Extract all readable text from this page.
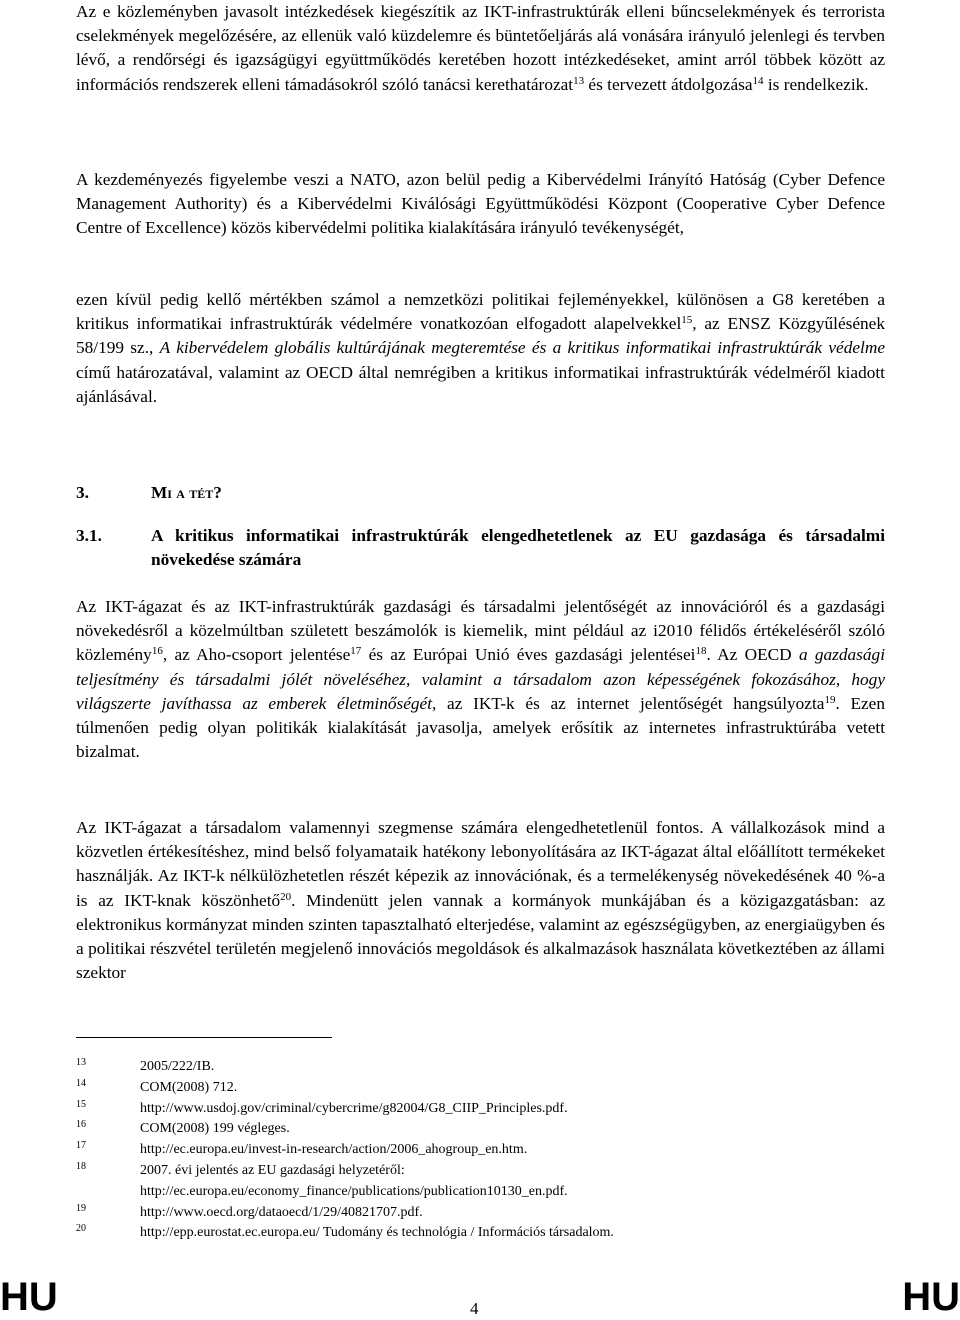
Az e közleményben javasolt intézkedések kiegészítik az IKT-infrastruktúrák elleni bűncselekmények és terrorista cselekmények megelőzésére, az ellenük való küzdelemre és büntetőeljárás alá vonására irányuló jelenlegi és tervben lévő, a rendőrségi és igazságügyi együttműködés keretében hozott intézkedéseket, amint arról többek között az információs rendszerek elleni támadásokról szóló tanácsi kerethatározat$^{13}$ és tervezett átdolgozása$^{14}$ is rendelkezik.

A kezdeményezés figyelembe veszi a NATO, azon belül pedig a Kibervédelmi Irányító Hatóság (Cyber Defence Management Authority) és a Kibervédelmi Kiválósági Együttműködési Központ (Cooperative Cyber Defence Centre of Excellence) közös kibervédelmi politika kialakítására irányuló tevékenységét,

ezen kívül pedig kellő mértékben számol a nemzetközi politikai fejleményekkel, különösen a G8 keretében a kritikus informatikai infrastruktúrák védelmére vonatkozóan elfogadott alapelvekkel$^{15}$, az ENSZ Közgyűlésének 58/199 sz., A kibervédelem globális kultúrájának megteremtése és a kritikus informatikai infrastruktúrák védelme című határozatával, valamint az OECD által nemrégiben a kritikus informatikai infrastruktúrák védelméről kiadott ajánlásával.

3.	Mi a tét?
3.1.	A kritikus informatikai infrastruktúrák elengedhetetlenek az EU gazdasága és társadalmi növekedése számára

Az IKT-ágazat és az IKT-infrastruktúrák gazdasági és társadalmi jelentőségét az innovációról és a gazdasági növekedésről a közelmúltban született beszámolók is kiemelik, mint például az i2010 félidős értékeléséről szóló közlemény$^{16}$, az Aho-csoport jelentése$^{17}$ és az Európai Unió éves gazdasági jelentései$^{18}$. Az OECD a gazdasági teljesítmény és társadalmi jólét növeléséhez, valamint a társadalom azon képességének fokozásához, hogy világszerte javíthassa az emberek életminőségét, az IKT-k és az internet jelentőségét hangsúlyozta$^{19}$. Ezen túlmenően pedig olyan politikák kialakítását javasolja, amelyek erősítik az internetes infrastruktúrába vetett bizalmat.

Az IKT-ágazat a társadalom valamennyi szegmense számára elengedhetetlenül fontos. A vállalkozások mind a közvetlen értékesítéshez, mind belső folyamataik hatékony lebonyolítására az IKT-ágazat által előállított termékeket használják. Az IKT-k nélkülözhetetlen részét képezik az innovációnak, és a termelékenység növekedésének 40 %-a is az IKT-knak köszönhető$^{20}$. Mindenütt jelen vannak a kormányok munkájában és a közigazgatásban: az elektronikus kormányzat minden szinten tapasztalható elterjedése, valamint az egészségügyben, az energiaügyben és a politikai részvétel területén megjelenő innovációs megoldások és alkalmazások használata következtében az állami szektor

13	2005/222/IB.
14	COM(2008) 712.
15	http://www.usdoj.gov/criminal/cybercrime/g82004/G8_CIIP_Principles.pdf.
16	COM(2008) 199 végleges.
17	http://ec.europa.eu/invest-in-research/action/2006_ahogroup_en.htm.
18	2007. évi jelentés az EU gazdasági helyzetéről:
http://ec.europa.eu/economy_finance/publications/publication10130_en.pdf.
19	http://www.oecd.org/dataoecd/1/29/40821707.pdf.
20	http://epp.eurostat.ec.europa.eu/ Tudomány és technológia / Információs társadalom.
HU	4	HU
